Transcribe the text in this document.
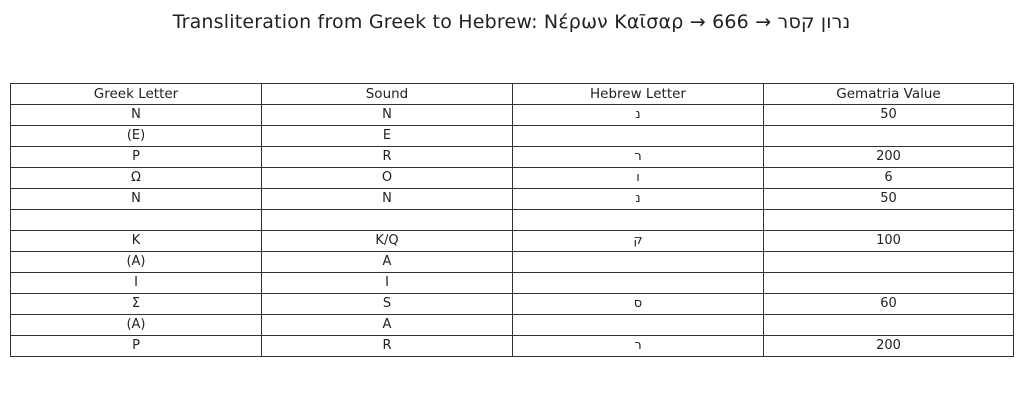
Transliteration from Greek to Hebrew: Νέρων Καῖσαρ → נרון קסר → 666
Greek Letter	Sound	Hebrew Letter	Gematria Value
Ν	N	נ	50
(Ε)	E		
Ρ	R	ר	200
Ω	O	ו	6
Ν	N	נ	50

Κ	K/Q	ק	100
(Α)	A		
Ι	I		
Σ	S	ס	60
(Α)	A		
Ρ	R	ר	200
